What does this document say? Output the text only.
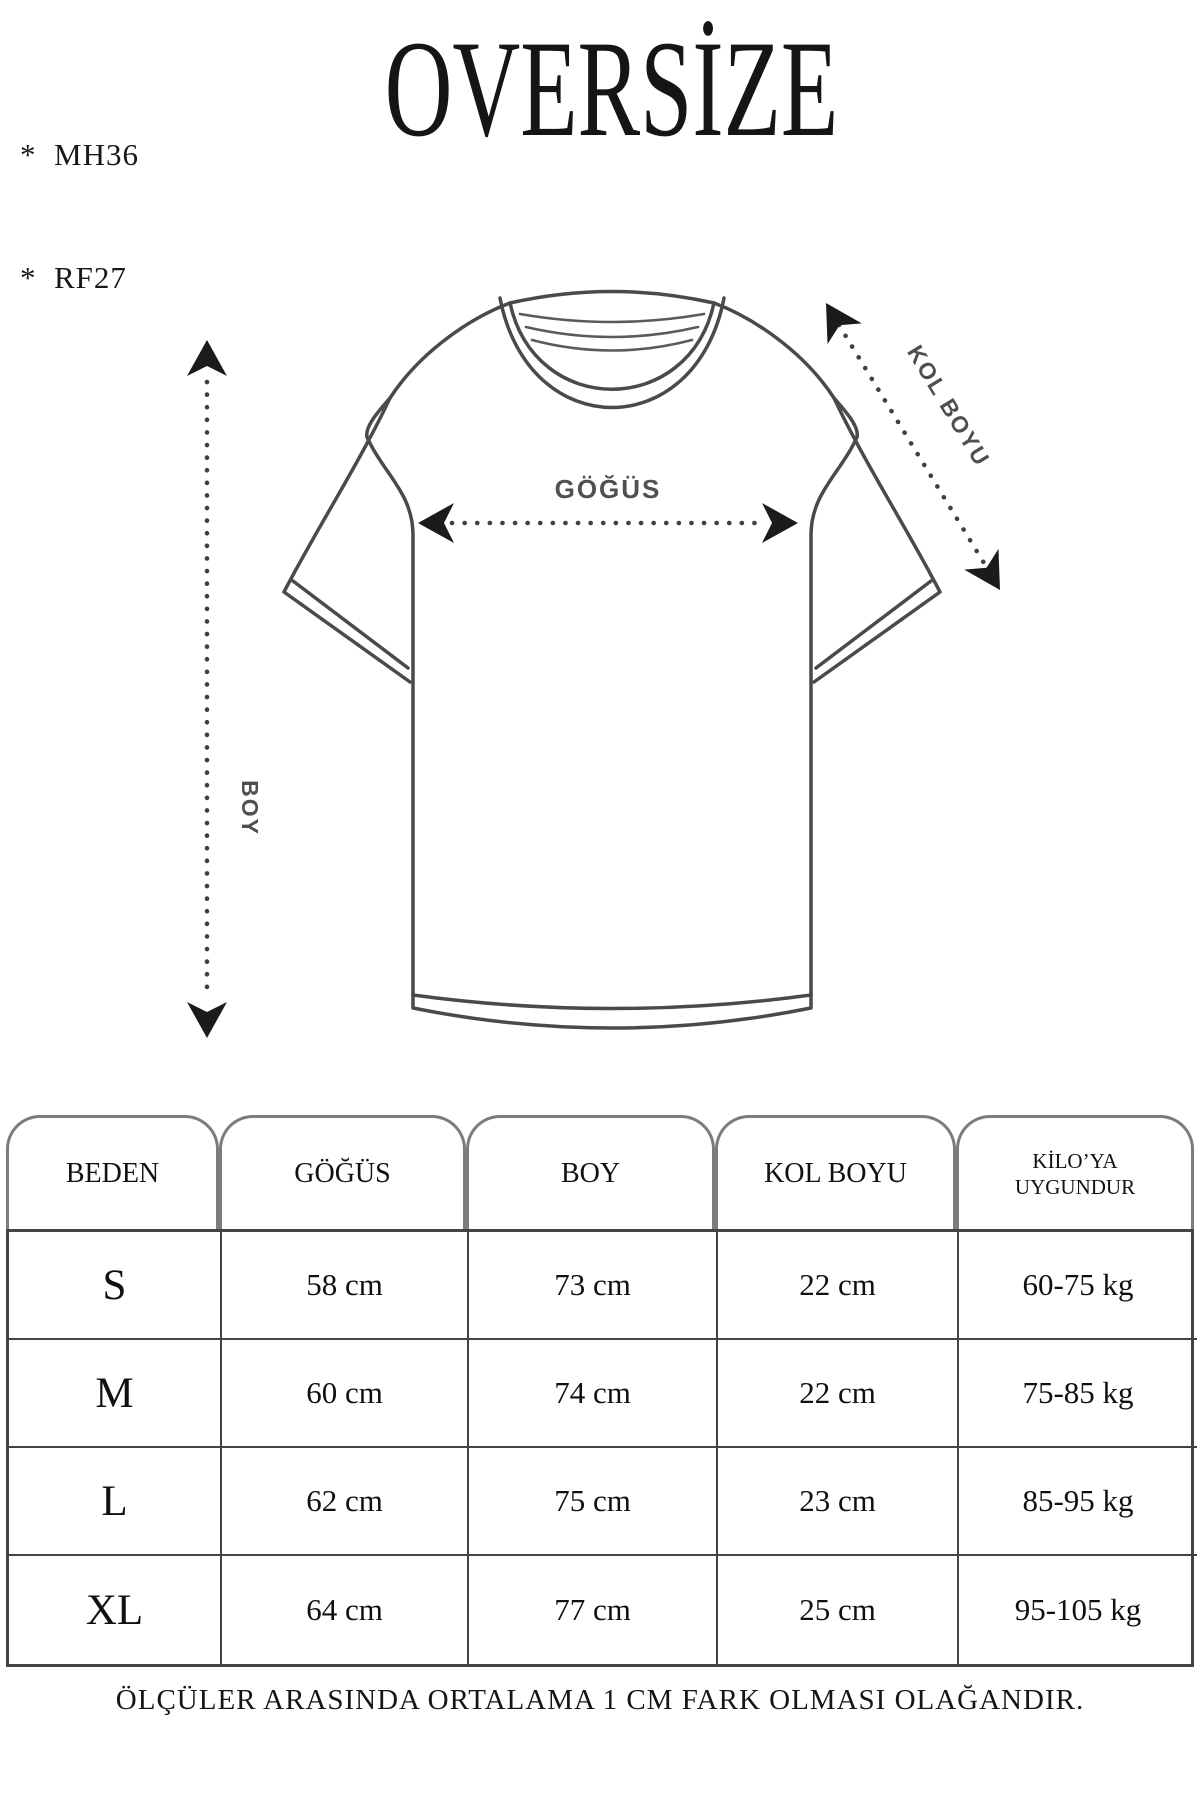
*  MH36

*  RF27

OVERSİZE
GÖĞÜS
BOY
KOL BOYU
BEDEN	GÖĞÜS	BOY	KOL BOYU	KİLO’YA UYGUNDUR
S	58 cm	73 cm	22 cm	60-75 kg
M	60 cm	74 cm	22 cm	75-85 kg
L	62 cm	75 cm	23 cm	85-95 kg
XL	64 cm	77 cm	25 cm	95-105 kg
ÖLÇÜLER ARASINDA ORTALAMA 1 CM FARK OLMASI OLAĞANDIR.
